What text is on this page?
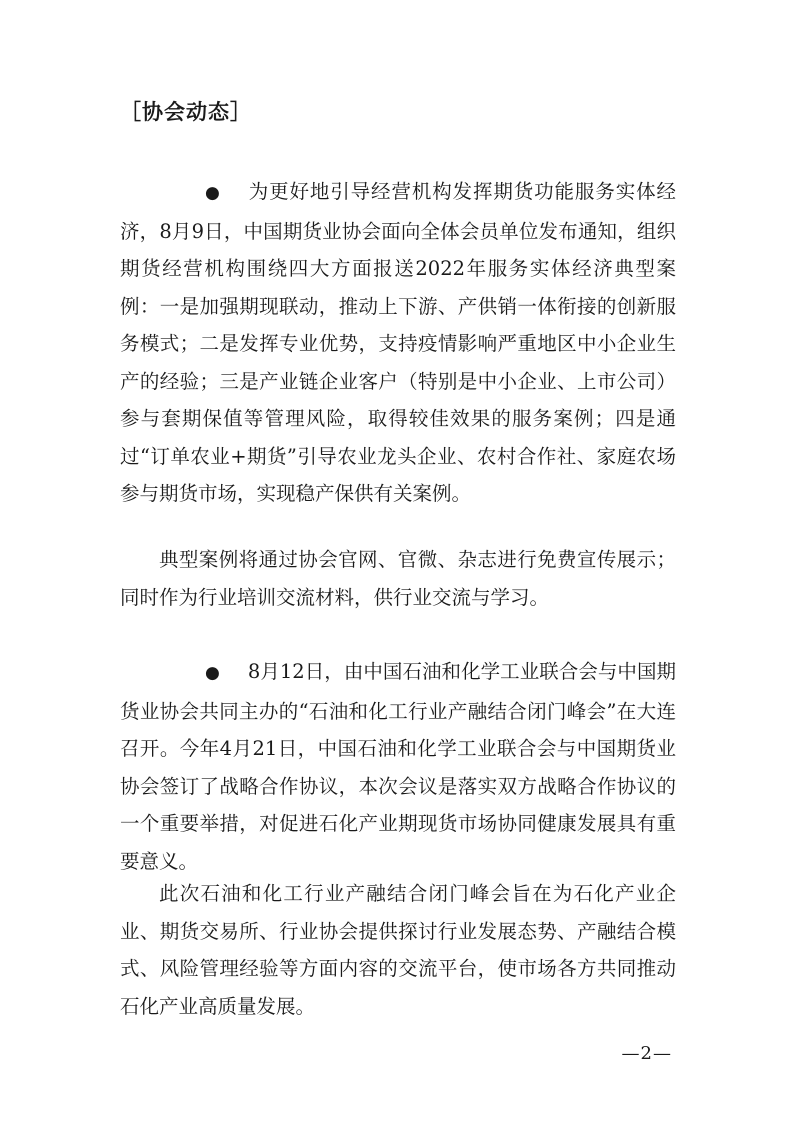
［协会动态］

● 为更好地引导经营机构发挥期货功能服务实体经济，8月9日，中国期货业协会面向全体会员单位发布通知，组织期货经营机构围绕四大方面报送2022年服务实体经济典型案例：一是加强期现联动，推动上下游、产供销一体衔接的创新服务模式；二是发挥专业优势，支持疫情影响严重地区中小企业生产的经验；三是产业链企业客户（特别是中小企业、上市公司）参与套期保值等管理风险，取得较佳效果的服务案例；四是通过“订单农业+期货”引导农业龙头企业、农村合作社、家庭农场参与期货市场，实现稳产保供有关案例。

典型案例将通过协会官网、官微、杂志进行免费宣传展示；同时作为行业培训交流材料，供行业交流与学习。

● 8月12日，由中国石油和化学工业联合会与中国期货业协会共同主办的“石油和化工行业产融结合闭门峰会”在大连召开。今年4月21日，中国石油和化学工业联合会与中国期货业协会签订了战略合作协议，本次会议是落实双方战略合作协议的一个重要举措，对促进石化产业期现货市场协同健康发展具有重要意义。

此次石油和化工行业产融结合闭门峰会旨在为石化产业企业、期货交易所、行业协会提供探讨行业发展态势、产融结合模式、风险管理经验等方面内容的交流平台，使市场各方共同推动石化产业高质量发展。

—2—
